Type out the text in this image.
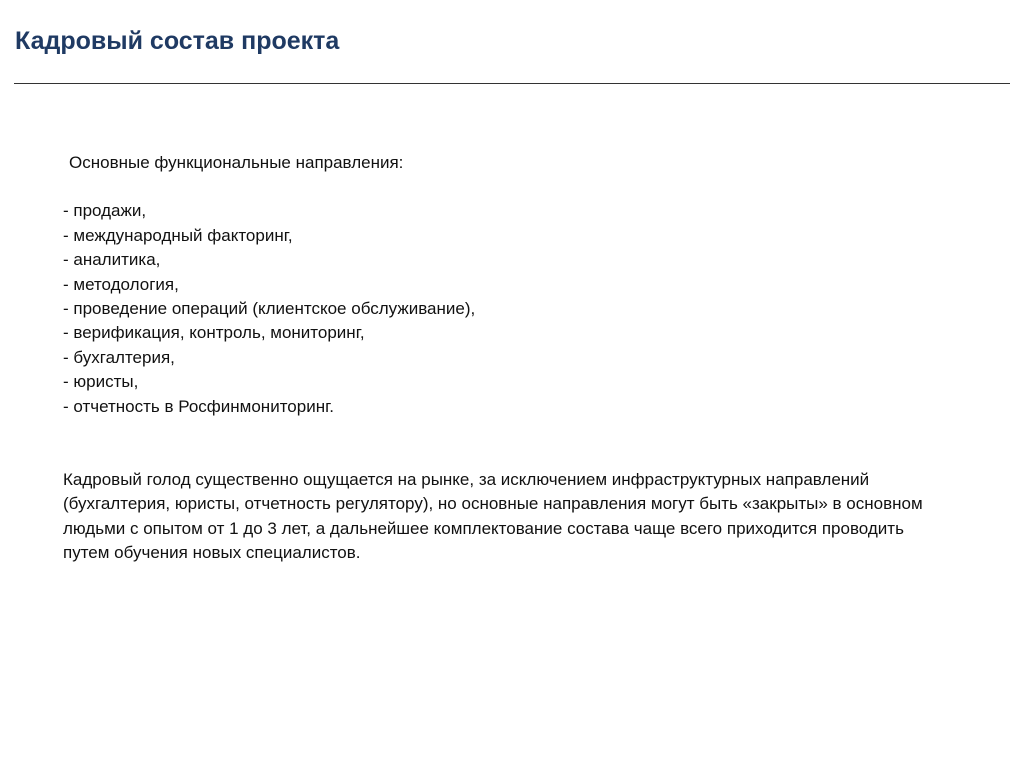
Кадровый состав проекта

Основные функциональные направления:

- продажи,
- международный факторинг,
- аналитика,
- методология,
- проведение операций (клиентское обслуживание),
- верификация, контроль, мониторинг,
- бухгалтерия,
- юристы,
- отчетность в Росфинмониторинг.

Кадровый голод существенно ощущается на рынке, за исключением инфраструктурных направлений (бухгалтерия, юристы, отчетность регулятору), но основные направления могут быть «закрыты» в основном людьми с опытом от 1 до 3 лет, а дальнейшее комплектование состава чаще всего приходится проводить путем обучения новых специалистов.
